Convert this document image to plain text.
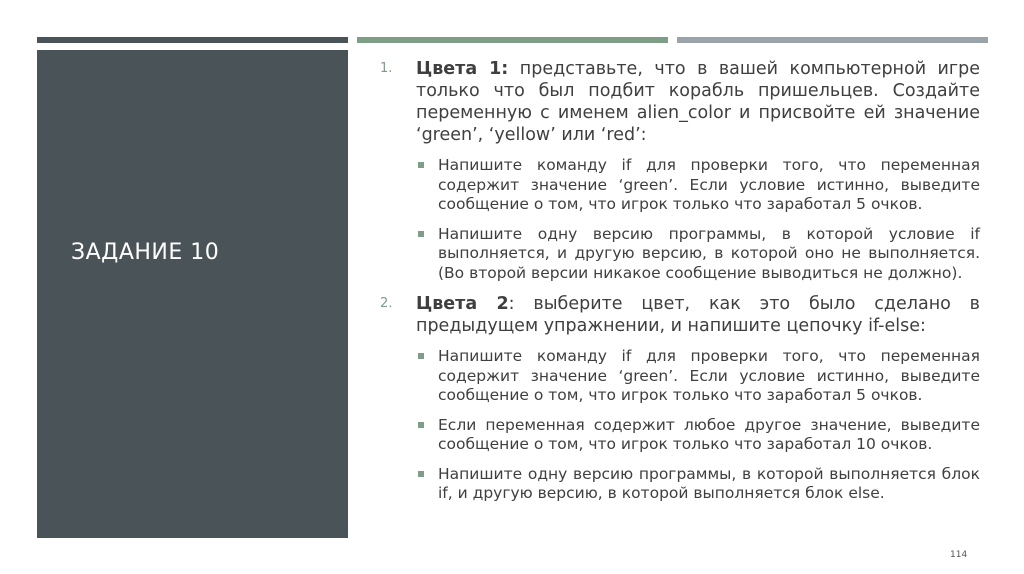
ЗАДАНИЕ 10
1. Цвета 1: представьте, что в вашей компьютерной игре только что был подбит корабль пришельцев. Создайте переменную с именем alien_color и присвойте ей значение ‘green’, ‘yellow’ или ‘red’:
Напишите команду if для проверки того, что переменная содержит значение ‘green’. Если условие истинно, выведите сообщение о том, что игрок только что заработал 5 очков.
Напишите одну версию программы, в которой условие if выполняется, и другую версию, в которой оно не выполняется. (Во второй версии никакое сообщение выводиться не должно).
2. Цвета 2: выберите цвет, как это было сделано в предыдущем упражнении, и напишите цепочку if-else:
Напишите команду if для проверки того, что переменная содержит значение ‘green’. Если условие истинно, выведите сообщение о том, что игрок только что заработал 5 очков.
Если переменная содержит любое другое значение, выведите сообщение о том, что игрок только что заработал 10 очков.
Напишите одну версию программы, в которой выполняется блок if, и другую версию, в которой выполняется блок else.
114
